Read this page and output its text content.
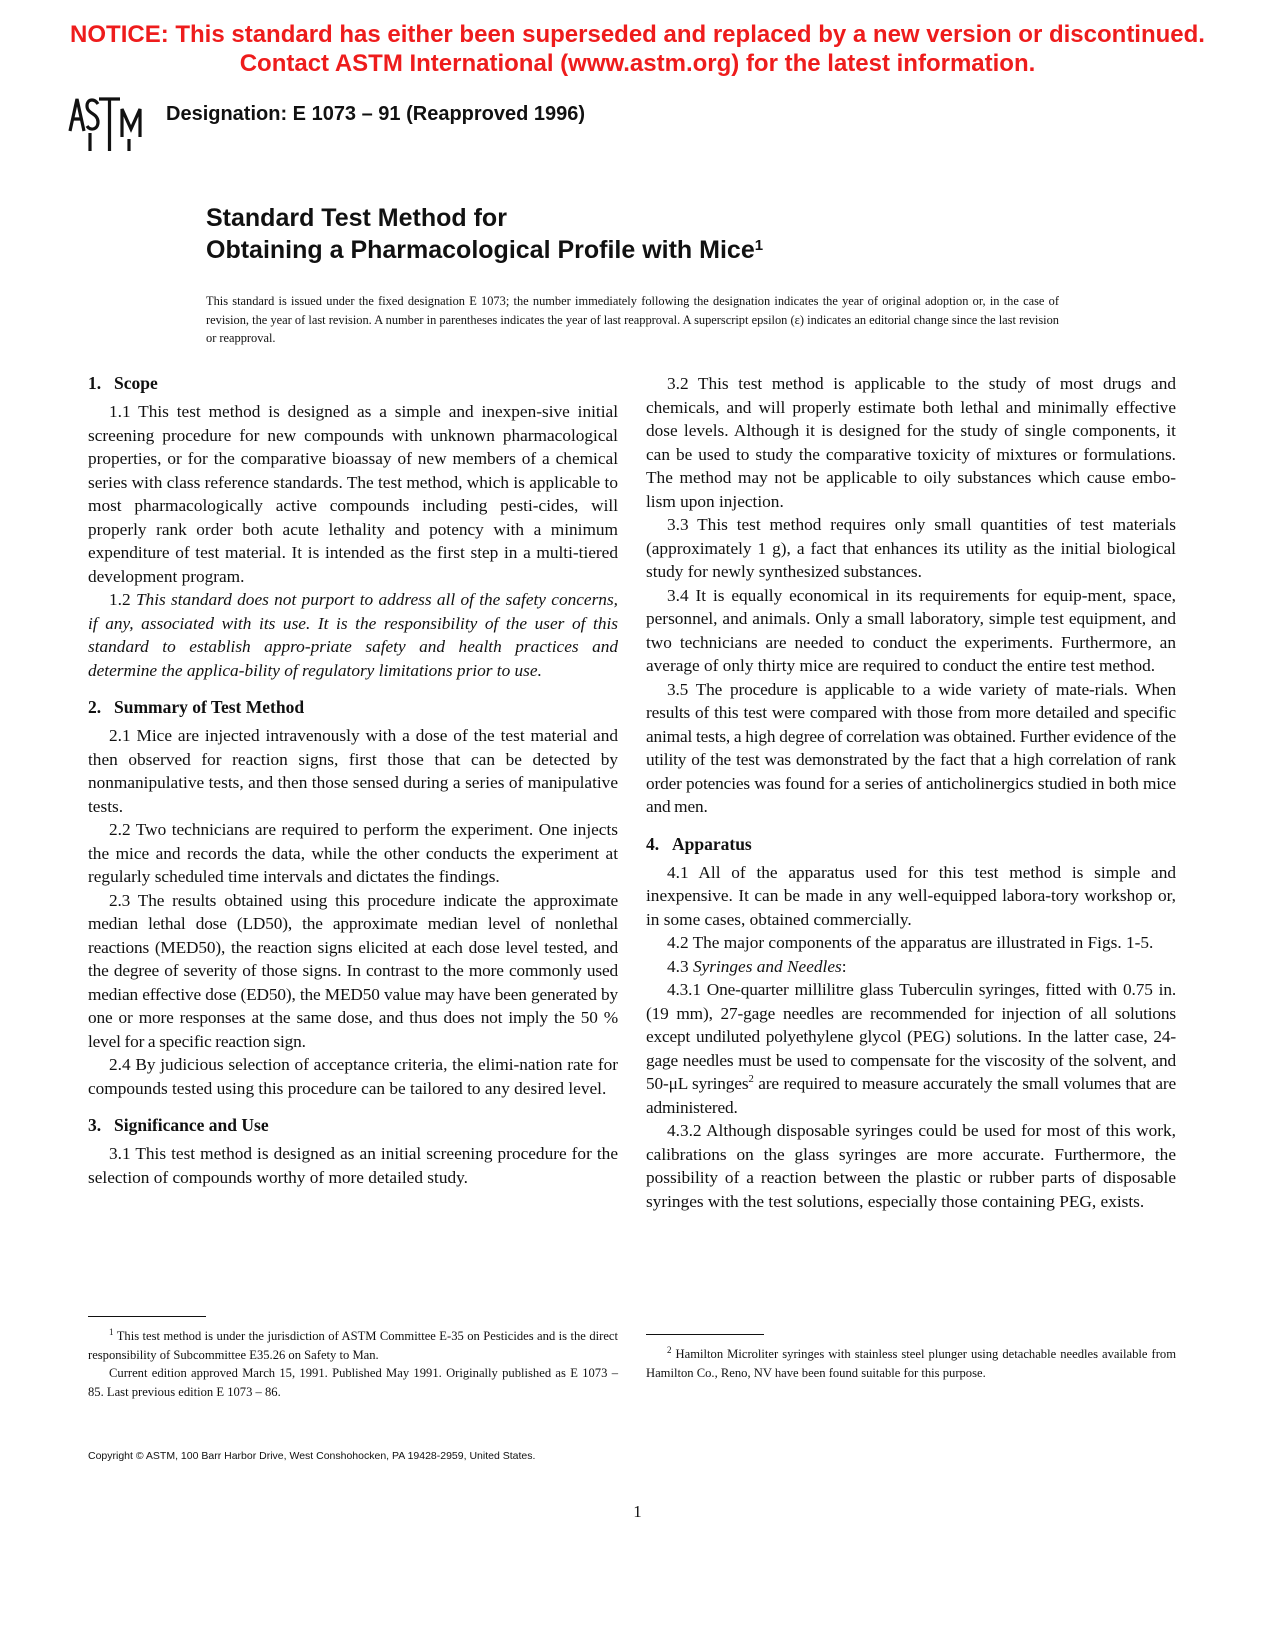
NOTICE: This standard has either been superseded and replaced by a new version or discontinued.
Contact ASTM International (www.astm.org) for the latest information.
Designation: E 1073 – 91 (Reapproved 1996)
Standard Test Method for
Obtaining a Pharmacological Profile with Mice$^1$
This standard is issued under the fixed designation E 1073; the number immediately following the designation indicates the year of original adoption or, in the case of revision, the year of last revision. A number in parentheses indicates the year of last reapproval. A superscript epsilon (ε) indicates an editorial change since the last revision or reapproval.
1. Scope

1.1 This test method is designed as a simple and inexpen-sive initial screening procedure for new compounds with unknown pharmacological properties, or for the comparative bioassay of new members of a chemical series with class reference standards. The test method, which is applicable to most pharmacologically active compounds including pesti-cides, will properly rank order both acute lethality and potency with a minimum expenditure of test material. It is intended as the first step in a multi-tiered development program.

1.2 This standard does not purport to address all of the safety concerns, if any, associated with its use. It is the responsibility of the user of this standard to establish appro-priate safety and health practices and determine the applica-bility of regulatory limitations prior to use.

2. Summary of Test Method

2.1 Mice are injected intravenously with a dose of the test material and then observed for reaction signs, first those that can be detected by nonmanipulative tests, and then those sensed during a series of manipulative tests.

2.2 Two technicians are required to perform the experiment. One injects the mice and records the data, while the other conducts the experiment at regularly scheduled time intervals and dictates the findings.

2.3 The results obtained using this procedure indicate the approximate median lethal dose (LD50), the approximate median level of nonlethal reactions (MED50), the reaction signs elicited at each dose level tested, and the degree of severity of those signs. In contrast to the more commonly used median effective dose (ED50), the MED50 value may have been generated by one or more responses at the same dose, and thus does not imply the 50 % level for a specific reaction sign.

2.4 By judicious selection of acceptance criteria, the elimi-nation rate for compounds tested using this procedure can be tailored to any desired level.

3. Significance and Use

3.1 This test method is designed as an initial screening procedure for the selection of compounds worthy of more detailed study.

3.2 This test method is applicable to the study of most drugs and chemicals, and will properly estimate both lethal and minimally effective dose levels. Although it is designed for the study of single components, it can be used to study the comparative toxicity of mixtures or formulations. The method may not be applicable to oily substances which cause embo-lism upon injection.

3.3 This test method requires only small quantities of test materials (approximately 1 g), a fact that enhances its utility as the initial biological study for newly synthesized substances.

3.4 It is equally economical in its requirements for equip-ment, space, personnel, and animals. Only a small laboratory, simple test equipment, and two technicians are needed to conduct the experiments. Furthermore, an average of only thirty mice are required to conduct the entire test method.

3.5 The procedure is applicable to a wide variety of mate-rials. When results of this test were compared with those from more detailed and specific animal tests, a high degree of correlation was obtained. Further evidence of the utility of the test was demonstrated by the fact that a high correlation of rank order potencies was found for a series of anticholinergics studied in both mice and men.

4. Apparatus

4.1 All of the apparatus used for this test method is simple and inexpensive. It can be made in any well-equipped labora-tory workshop or, in some cases, obtained commercially.

4.2 The major components of the apparatus are illustrated in Figs. 1-5.

4.3 Syringes and Needles:

4.3.1 One-quarter millilitre glass Tuberculin syringes, fitted with 0.75 in. (19 mm), 27-gage needles are recommended for injection of all solutions except undiluted polyethylene glycol (PEG) solutions. In the latter case, 24-gage needles must be used to compensate for the viscosity of the solvent, and 50-μL syringes$^2$ are required to measure accurately the small volumes that are administered.

4.3.2 Although disposable syringes could be used for most of this work, calibrations on the glass syringes are more accurate. Furthermore, the possibility of a reaction between the plastic or rubber parts of disposable syringes with the test solutions, especially those containing PEG, exists.

$^1$ This test method is under the jurisdiction of ASTM Committee E-35 on Pesticides and is the direct responsibility of Subcommittee E35.26 on Safety to Man.

Current edition approved March 15, 1991. Published May 1991. Originally published as E 1073 – 85. Last previous edition E 1073 – 86.

$^2$ Hamilton Microliter syringes with stainless steel plunger using detachable needles available from Hamilton Co., Reno, NV have been found suitable for this purpose.

Copyright © ASTM, 100 Barr Harbor Drive, West Conshohocken, PA 19428-2959, United States.
1
